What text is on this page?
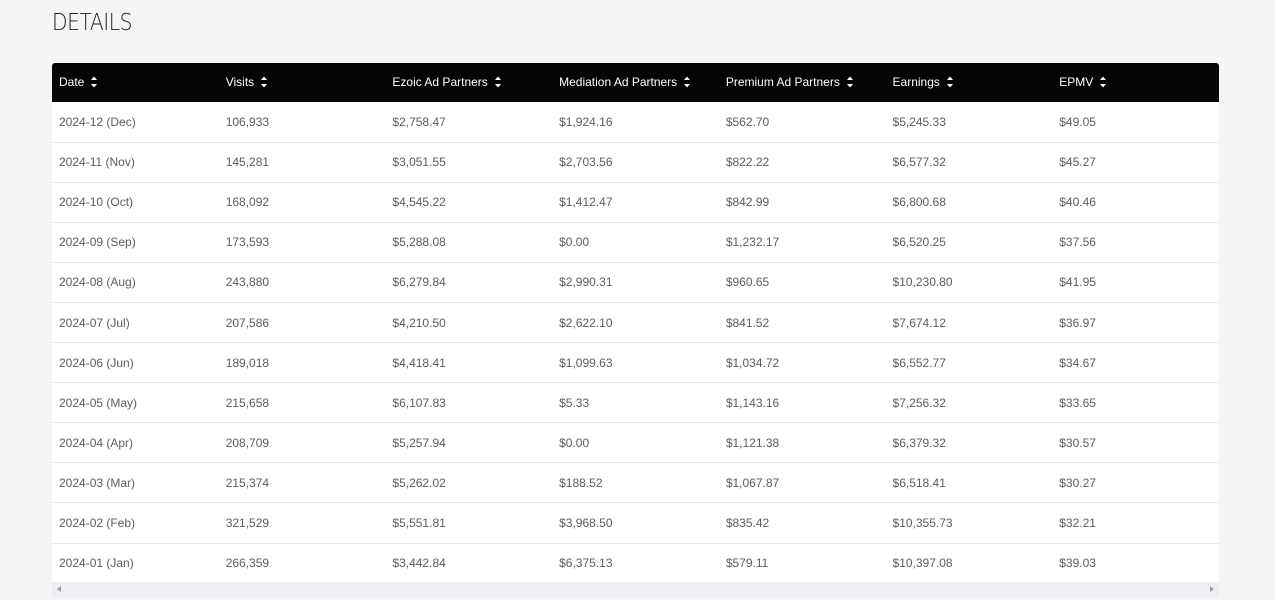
DETAILS
Date	Visits	Ezoic Ad Partners	Mediation Ad Partners	Premium Ad Partners	Earnings	EPMV
2024-12 (Dec)	106,933	$2,758.47	$1,924.16	$562.70	$5,245.33	$49.05
2024-11 (Nov)	145,281	$3,051.55	$2,703.56	$822.22	$6,577.32	$45.27
2024-10 (Oct)	168,092	$4,545.22	$1,412.47	$842.99	$6,800.68	$40.46
2024-09 (Sep)	173,593	$5,288.08	$0.00	$1,232.17	$6,520.25	$37.56
2024-08 (Aug)	243,880	$6,279.84	$2,990.31	$960.65	$10,230.80	$41.95
2024-07 (Jul)	207,586	$4,210.50	$2,622.10	$841.52	$7,674.12	$36.97
2024-06 (Jun)	189,018	$4,418.41	$1,099.63	$1,034.72	$6,552.77	$34.67
2024-05 (May)	215,658	$6,107.83	$5.33	$1,143.16	$7,256.32	$33.65
2024-04 (Apr)	208,709	$5,257.94	$0.00	$1,121.38	$6,379.32	$30.57
2024-03 (Mar)	215,374	$5,262.02	$188.52	$1,067.87	$6,518.41	$30.27
2024-02 (Feb)	321,529	$5,551.81	$3,968.50	$835.42	$10,355.73	$32.21
2024-01 (Jan)	266,359	$3,442.84	$6,375.13	$579.11	$10,397.08	$39.03
